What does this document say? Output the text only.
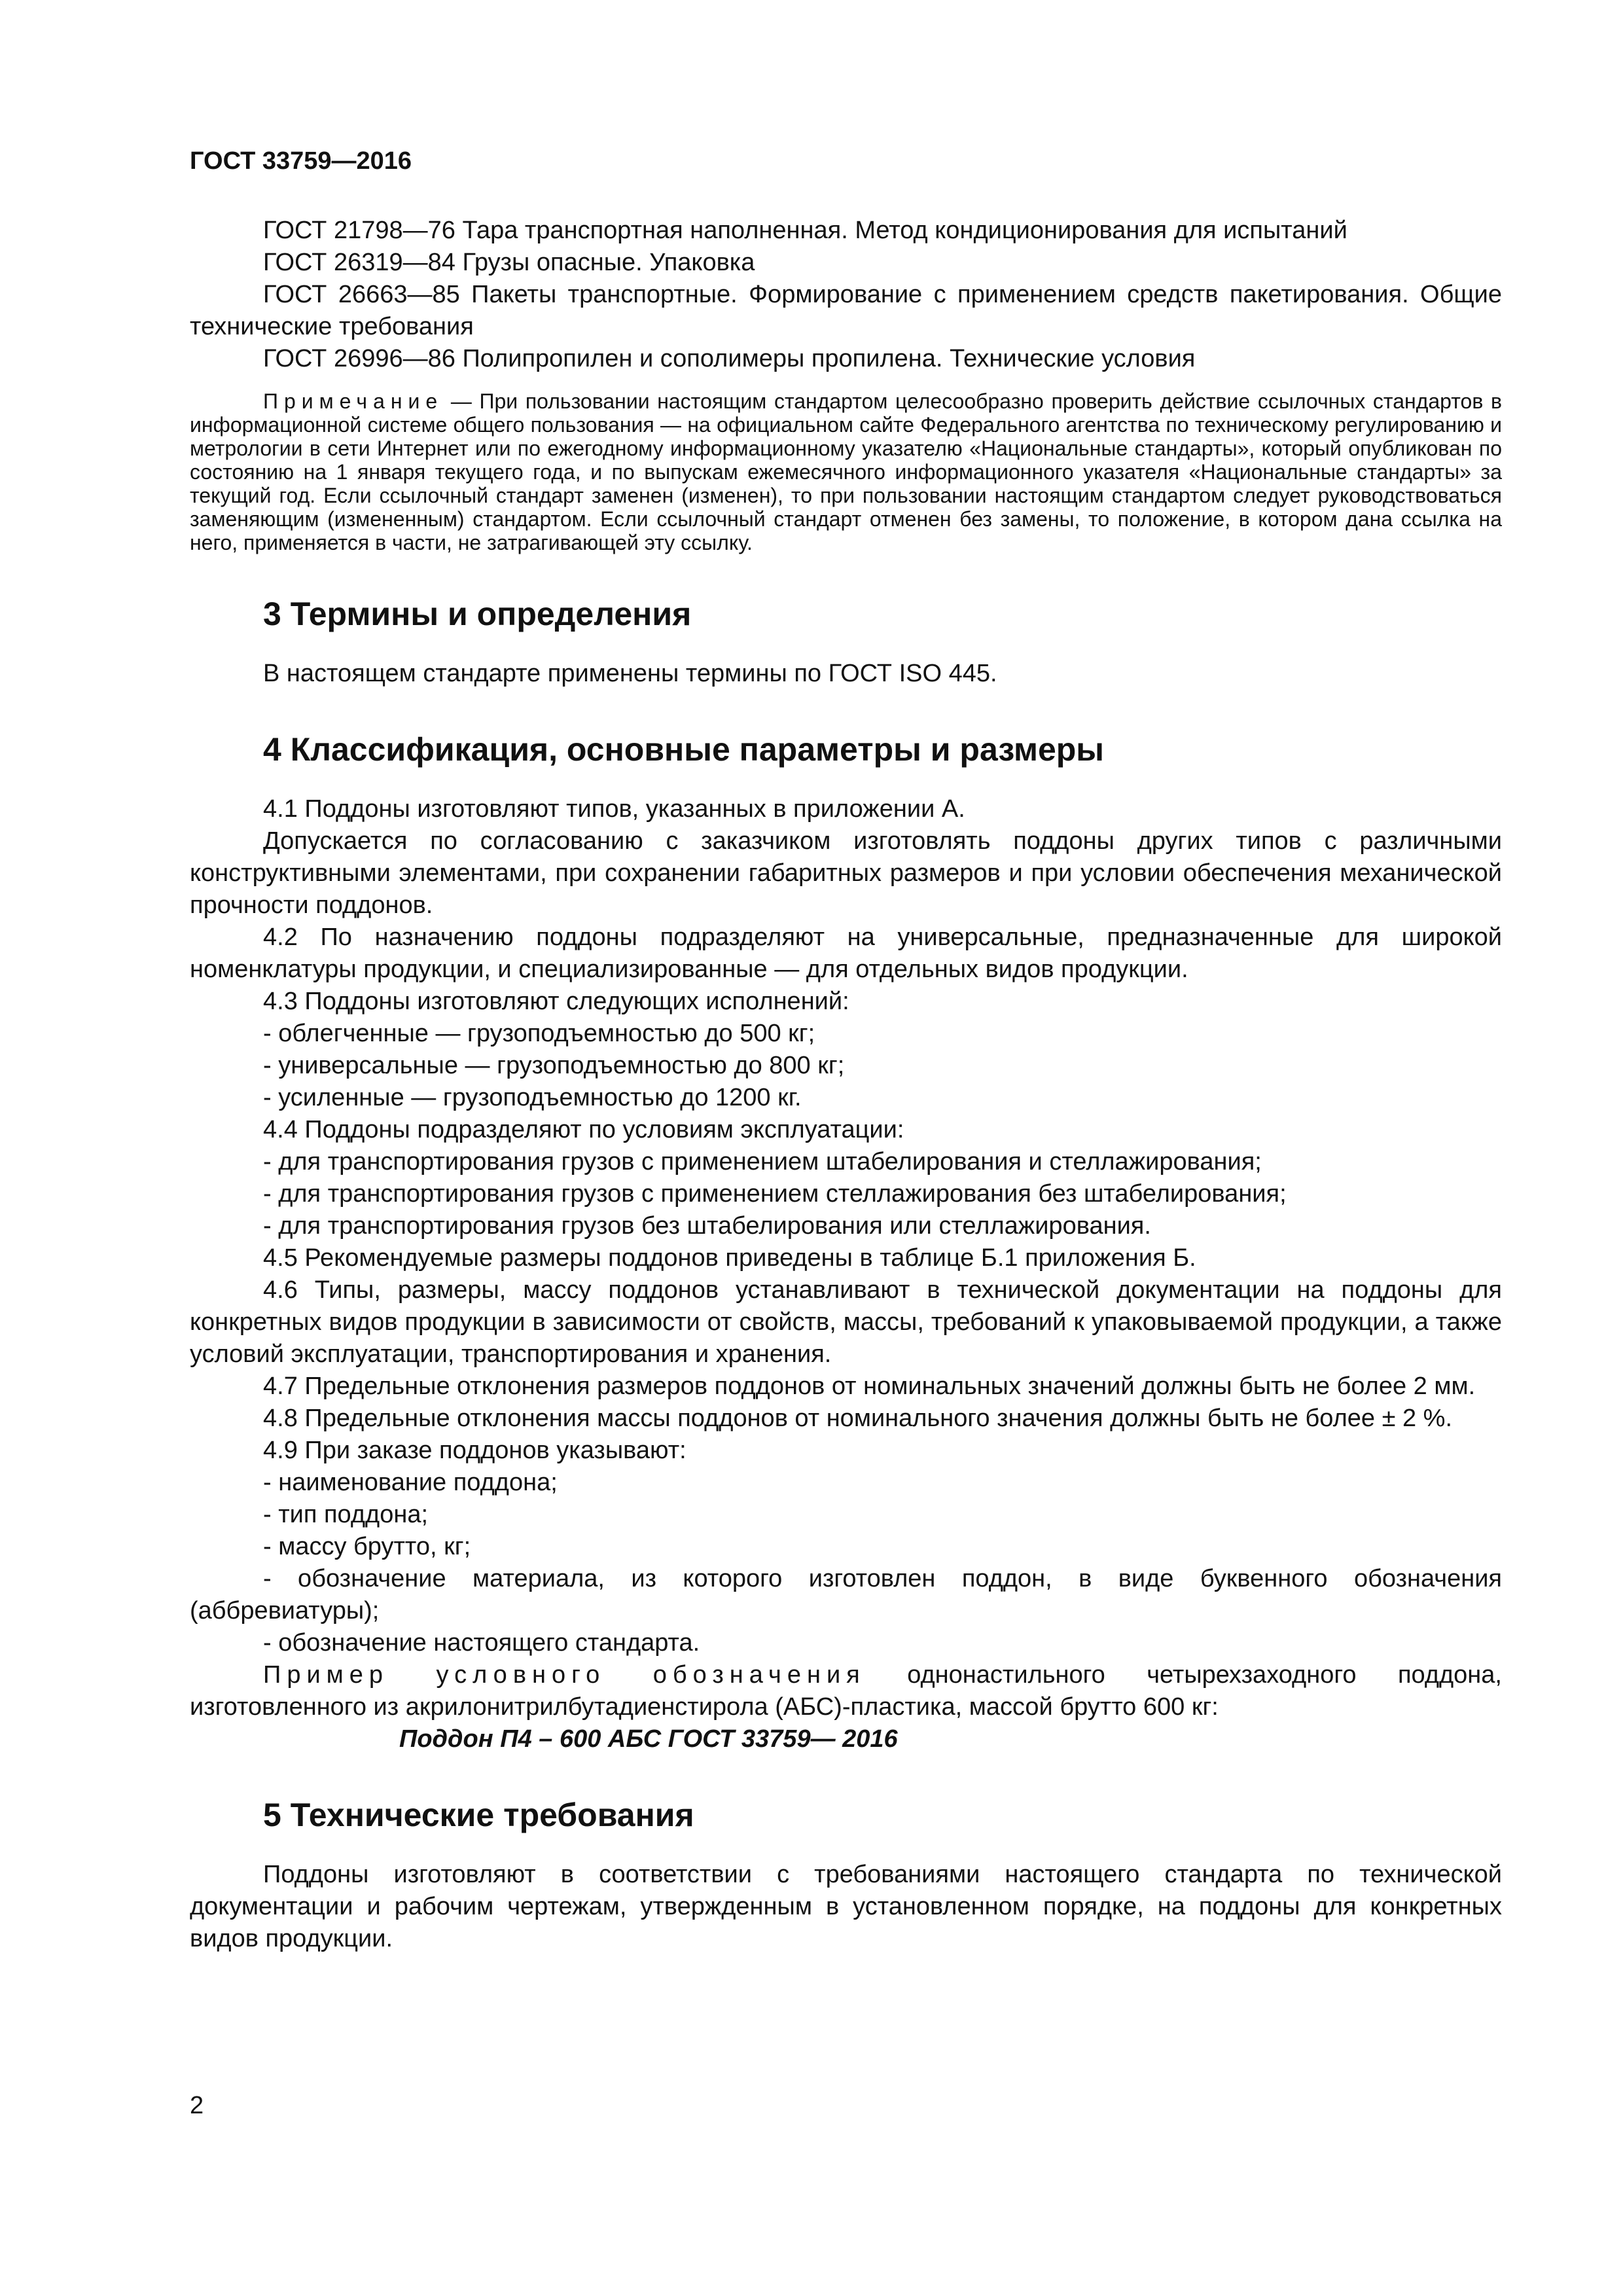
ГОСТ 33759—2016

ГОСТ 21798—76 Тара транспортная наполненная. Метод кондиционирования для испытаний

ГОСТ 26319—84 Грузы опасные. Упаковка

ГОСТ 26663—85 Пакеты транспортные. Формирование с применением средств пакетирования. Общие технические требования

ГОСТ 26996—86 Полипропилен и сополимеры пропилена. Технические условия

Примечание — При пользовании настоящим стандартом целесообразно проверить действие ссылочных стандартов в информационной системе общего пользования — на официальном сайте Федерального агентства по техническому регулированию и метрологии в сети Интернет или по ежегодному информационному указателю «Национальные стандарты», который опубликован по состоянию на 1 января текущего года, и по выпускам ежемесячного информационного указателя «Национальные стандарты» за текущий год. Если ссылочный стандарт заменен (изменен), то при пользовании настоящим стандартом следует руководствоваться заменяющим (измененным) стандартом. Если ссылочный стандарт отменен без замены, то положение, в котором дана ссылка на него, применяется в части, не затрагивающей эту ссылку.

3 Термины и определения

В настоящем стандарте применены термины по ГОСТ ISO 445.

4 Классификация, основные параметры и размеры

4.1 Поддоны изготовляют типов, указанных в приложении А.

Допускается по согласованию с заказчиком изготовлять поддоны других типов с различными конструктивными элементами, при сохранении габаритных размеров и при условии обеспечения механической прочности поддонов.

4.2 По назначению поддоны подразделяют на универсальные, предназначенные для широкой номенклатуры продукции, и специализированные — для отдельных видов продукции.

4.3 Поддоны изготовляют следующих исполнений:

- облегченные — грузоподъемностью до 500 кг;

- универсальные — грузоподъемностью до 800 кг;

- усиленные — грузоподъемностью до 1200 кг.

4.4 Поддоны подразделяют по условиям эксплуатации:

- для транспортирования грузов с применением штабелирования и стеллажирования;

- для транспортирования грузов с применением стеллажирования без штабелирования;

- для транспортирования грузов без штабелирования или стеллажирования.

4.5 Рекомендуемые размеры поддонов приведены в таблице Б.1 приложения Б.

4.6 Типы, размеры, массу поддонов устанавливают в технической документации на поддоны для конкретных видов продукции в зависимости от свойств, массы, требований к упаковываемой продукции, а также условий эксплуатации, транспортирования и хранения.

4.7 Предельные отклонения размеров поддонов от номинальных значений должны быть не более 2 мм.

4.8 Предельные отклонения массы поддонов от номинального значения должны быть не более ± 2 %.

4.9 При заказе поддонов указывают:

- наименование поддона;

- тип поддона;

- массу брутто, кг;

- обозначение материала, из которого изготовлен поддон, в виде буквенного обозначения (аббревиатуры);

- обозначение настоящего стандарта.

Пример условного обозначения однонастильного четырехзаходного поддона, изготовленного из акрилонитрилбутадиенстирола (АБС)-пластика, массой брутто 600 кг:

Поддон П4 – 600 АБС ГОСТ 33759— 2016

5 Технические требования

Поддоны изготовляют в соответствии с требованиями настоящего стандарта по технической документации и рабочим чертежам, утвержденным в установленном порядке, на поддоны для конкретных видов продукции.

2
